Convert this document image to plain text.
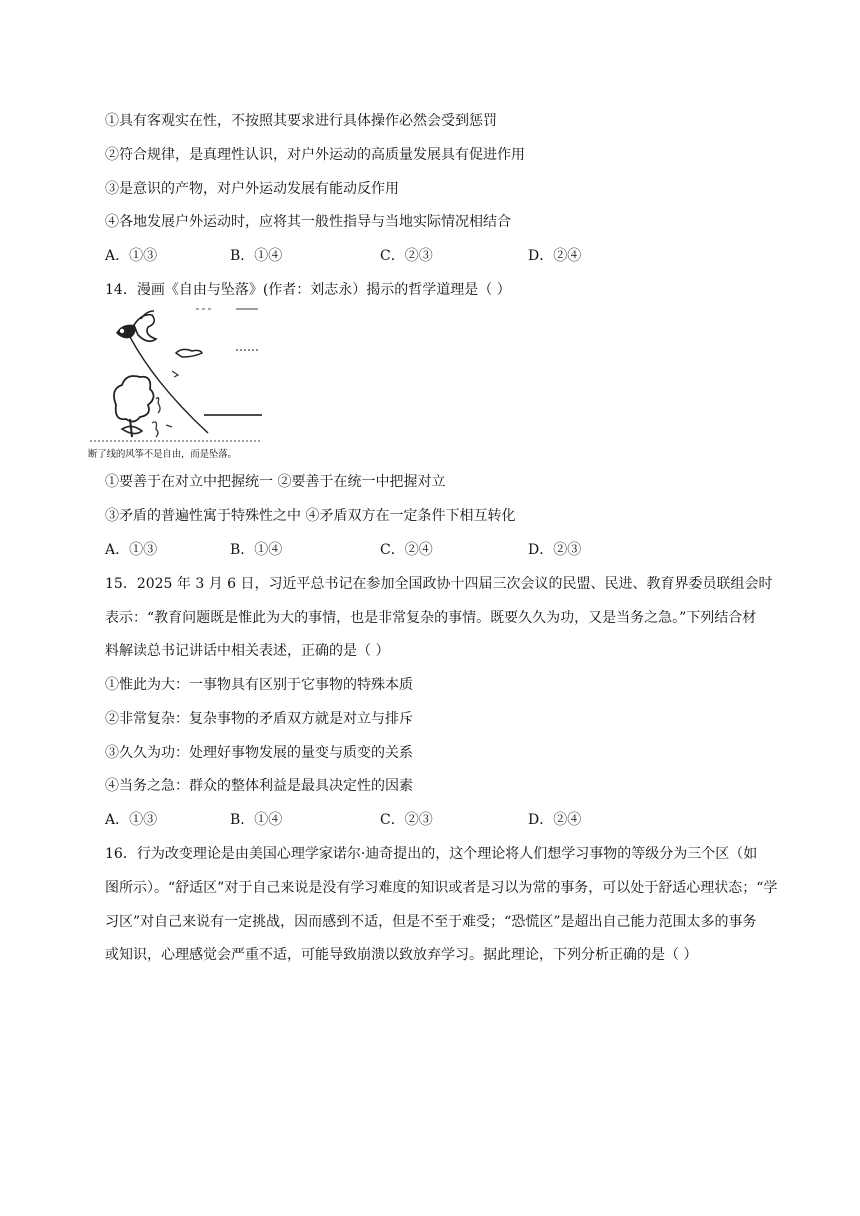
①具有客观实在性，不按照其要求进行具体操作必然会受到惩罚
②符合规律，是真理性认识，对户外运动的高质量发展具有促进作用
③是意识的产物，对户外运动发展有能动反作用
④各地发展户外运动时，应将其一般性指导与当地实际情况相结合
A．①③	B．①④	C．②③	D．②④
14．漫画《自由与坠落》(作者：刘志永）揭示的哲学道理是（ ）
断了线的风筝不是自由，而是坠落。
①要善于在对立中把握统一 ②要善于在统一中把握对立
③矛盾的普遍性寓于特殊性之中 ④矛盾双方在一定条件下相互转化
A．①③	B．①④	C．②④	D．②③
15．2025 年 3 月 6 日，习近平总书记在参加全国政协十四届三次会议的民盟、民进、教育界委员联组会时
表示：“教育问题既是惟此为大的事情，也是非常复杂的事情。既要久久为功，又是当务之急。”下列结合材
料解读总书记讲话中相关表述，正确的是（ ）
①惟此为大：一事物具有区别于它事物的特殊本质
②非常复杂：复杂事物的矛盾双方就是对立与排斥
③久久为功：处理好事物发展的量变与质变的关系
④当务之急：群众的整体利益是最具决定性的因素
A．①③	B．①④	C．②③	D．②④
16．行为改变理论是由美国心理学家诺尔·迪奇提出的，这个理论将人们想学习事物的等级分为三个区（如
图所示）。“舒适区”对于自己来说是没有学习难度的知识或者是习以为常的事务，可以处于舒适心理状态；“学
习区”对自己来说有一定挑战，因而感到不适，但是不至于难受；“恐慌区”是超出自己能力范围太多的事务
或知识，心理感觉会严重不适，可能导致崩溃以致放弃学习。据此理论，下列分析正确的是（ ）
